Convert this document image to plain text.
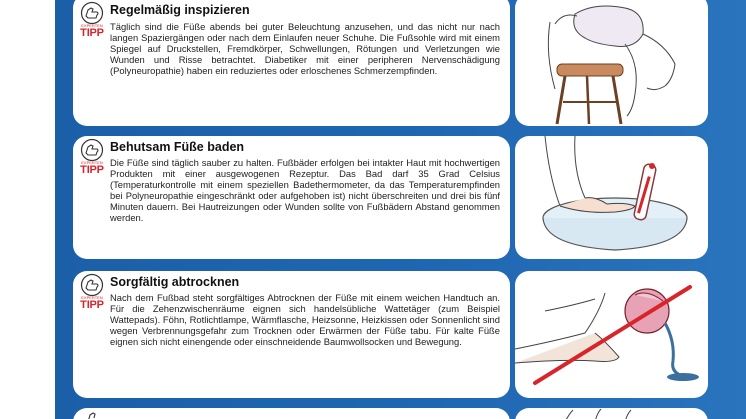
EXPERTEN
TIPP
Regelmäßig inspizieren
Täglich sind die Füße abends bei guter Beleuchtung anzusehen, und das nicht nur nach langen Spaziergängen oder nach dem Einlaufen neuer Schuhe. Die Fußsohle wird mit einem Spiegel auf Druckstellen, Fremdkörper, Schwellungen, Rötungen und Verletzungen wie Wunden und Risse betrachtet. Diabetiker mit einer peripheren Nervenschädigung (Polyneuropathie) haben ein reduziertes oder erloschenes Schmerzempfinden.
EXPERTEN
TIPP
Behutsam Füße baden
Die Füße sind täglich sauber zu halten. Fußbäder erfolgen bei intakter Haut mit hochwertigen Produkten mit einer ausgewogenen Rezeptur. Das Bad darf 35 Grad Celsius (Temperaturkontrolle mit einem speziellen Badethermometer, da das Temperaturempfinden bei Polyneuropathie eingeschränkt oder aufgehoben ist) nicht überschreiten und drei bis fünf Minuten dauern. Bei Hautreizungen oder Wunden sollte von Fußbädern Abstand genommen werden.
EXPERTEN
TIPP
Sorgfältig abtrocknen
Nach dem Fußbad steht sorgfältiges Abtrocknen der Füße mit einem weichen Handtuch an. Für die Zehenzwischenräume eignen sich handelsübliche Wattetäger (zum Beispiel Wattepads). Föhn, Rotlichtlampe, Wärmflasche, Heizsonne, Heizkissen oder Sonnenlicht sind wegen Verbrennungsgefahr zum Trocknen oder Erwärmen der Füße tabu. Für kalte Füße eignen sich nicht einengende oder einschneidende Baumwollsocken und Bewegung.
